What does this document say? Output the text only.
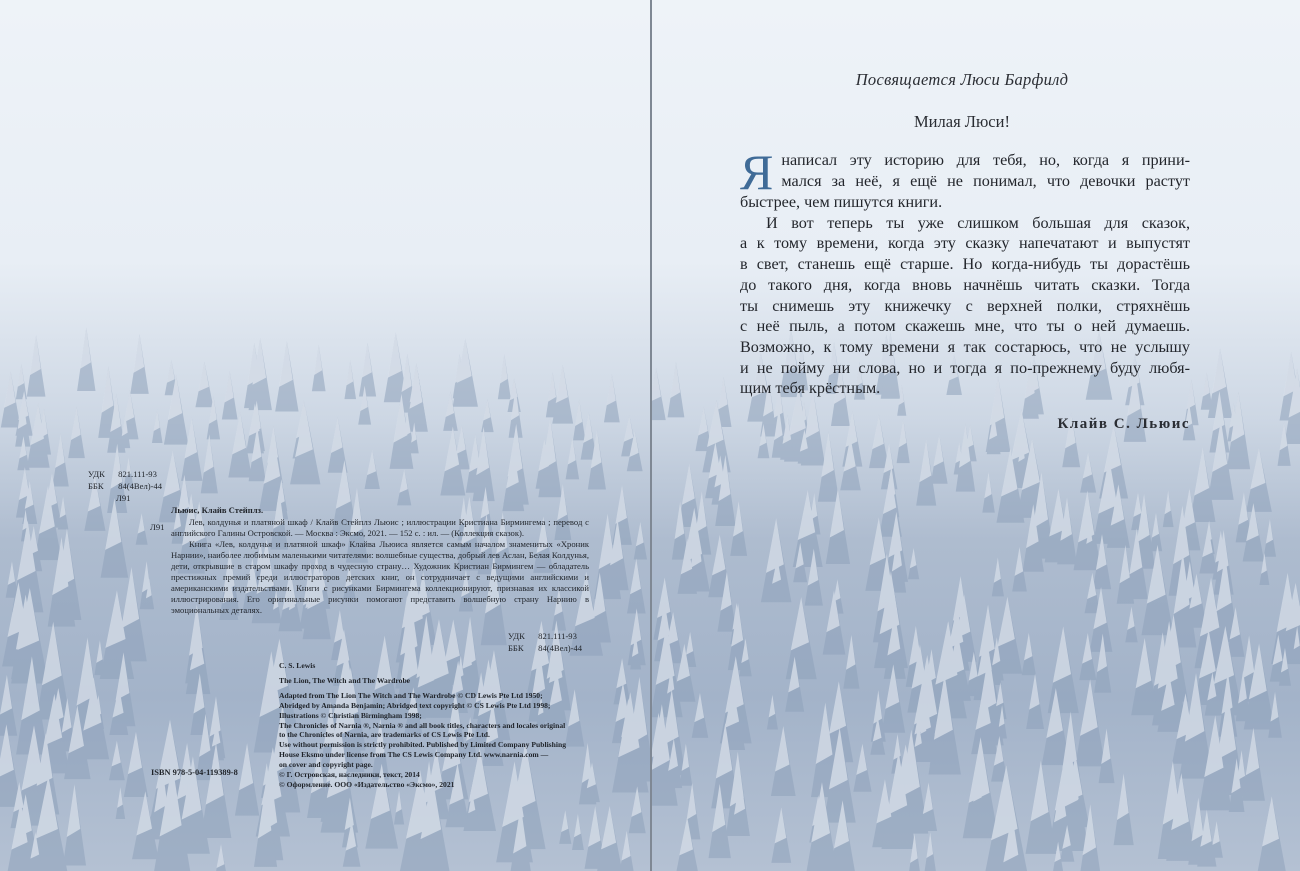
УДК 821.111-93
ББК 84(4Вел)-44
Л91
Льюис, Клайв Стейплз.
Л91	Лев, колдунья и платяной шкаф / Клайв Стейплз Льюис ; иллюстрации Кристиана Бирмингема ; перевод с английского Галины Островской. — Москва : Эксмо, 2021. — 152 с. : ил. — (Коллекция сказок).

Книга «Лев, колдунья и платяной шкаф» Клайва Льюиса является самым началом знаменитых «Хроник Нарнии», наиболее любимым маленькими читателями: волшебные существа, добрый лев Аслан, Белая Колдунья, дети, открывшие в старом шкафу проход в чудесную страну… Художник Кристиан Бирмингем — обладатель престижных премий среди иллюстраторов детских книг, он сотрудничает с ведущими английскими и американскими издательствами. Книги с рисунками Бирмингема коллекционируют, признавая их классикой иллюстрирования. Его оригинальные рисунки помогают представить волшебную страну Нарнию в эмоциональных деталях.

УДК 821.111-93
ББК 84(4Вел)-44
C. S. Lewis
The Lion, The Witch and The Wardrobe
Adapted from The Lion The Witch and The Wardrobe © CD Lewis Pte Ltd 1950;
Abridged by Amanda Benjamin; Abridged text copyright © CS Lewis Pte Ltd 1998;
Illustrations © Christian Birmingham 1998;
The Chronicles of Narnia ®, Narnia ® and all book titles, characters and locales original
to the Chronicles of Narnia, are trademarks of CS Lewis Pte Ltd.
Use without permission is strictly prohibited. Published by Limited Company Publishing
House Eksmo under license from The CS Lewis Company Ltd. www.narnia.com —
on cover and copyright page.
© Г. Островская, наследники, текст, 2014
© Оформление. ООО «Издательство «Эксмо», 2021
ISBN 978-5-04-119389-8
Посвящается Люси Барфилд
Милая Люси!
Я написал эту историю для тебя, но, когда я прини-
мался за неё, я ещё не понимал, что девочки растут
быстрее, чем пишутся книги.
И вот теперь ты уже слишком большая для сказок,
а к тому времени, когда эту сказку напечатают и выпустят
в свет, станешь ещё старше. Но когда-нибудь ты дорастёшь
до такого дня, когда вновь начнёшь читать сказки. Тогда
ты снимешь эту книжечку с верхней полки, стряхнёшь
с неё пыль, а потом скажешь мне, что ты о ней думаешь.
Возможно, к тому времени я так состарюсь, что не услышу
и не пойму ни слова, но и тогда я по-прежнему буду любя-
щим тебя крёстным.
Клайв С. Льюис
